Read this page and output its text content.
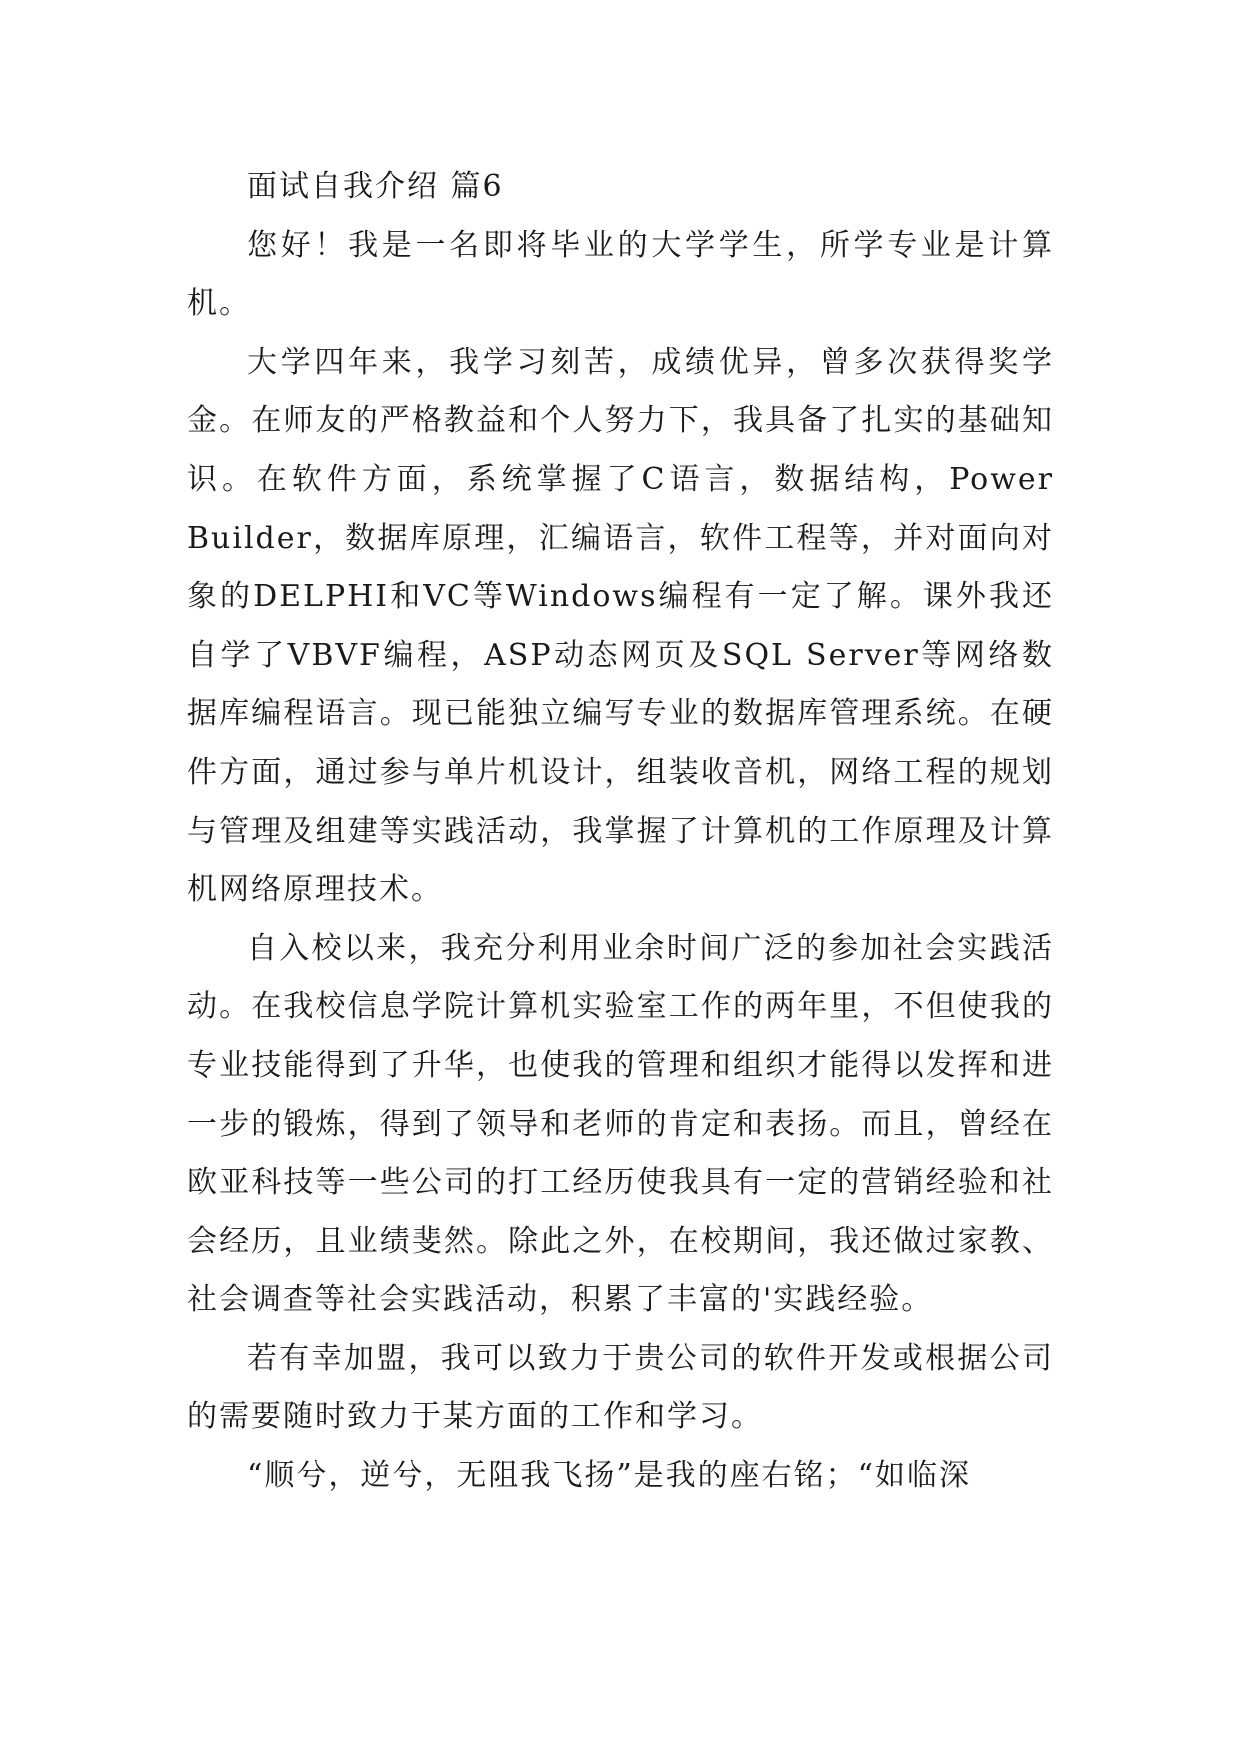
面试自我介绍 篇6

您好！我是一名即将毕业的大学学生，所学专业是计算机。

大学四年来，我学习刻苦，成绩优异，曾多次获得奖学金。在师友的严格教益和个人努力下，我具备了扎实的基础知识。在软件方面，系统掌握了C语言，数据结构，Power Builder，数据库原理，汇编语言，软件工程等，并对面向对象的DELPHI和VC等Windows编程有一定了解。课外我还自学了VBVF编程，ASP动态网页及SQL Server等网络数据库编程语言。现已能独立编写专业的数据库管理系统。在硬件方面，通过参与单片机设计，组装收音机，网络工程的规划与管理及组建等实践活动，我掌握了计算机的工作原理及计算机网络原理技术。

自入校以来，我充分利用业余时间广泛的参加社会实践活动。在我校信息学院计算机实验室工作的两年里，不但使我的专业技能得到了升华，也使我的管理和组织才能得以发挥和进一步的锻炼，得到了领导和老师的肯定和表扬。而且，曾经在欧亚科技等一些公司的打工经历使我具有一定的营销经验和社会经历，且业绩斐然。除此之外，在校期间，我还做过家教、社会调查等社会实践活动，积累了丰富的'实践经验。

若有幸加盟，我可以致力于贵公司的软件开发或根据公司的需要随时致力于某方面的工作和学习。

“顺兮，逆兮，无阻我飞扬”是我的座右铭；“如临深
